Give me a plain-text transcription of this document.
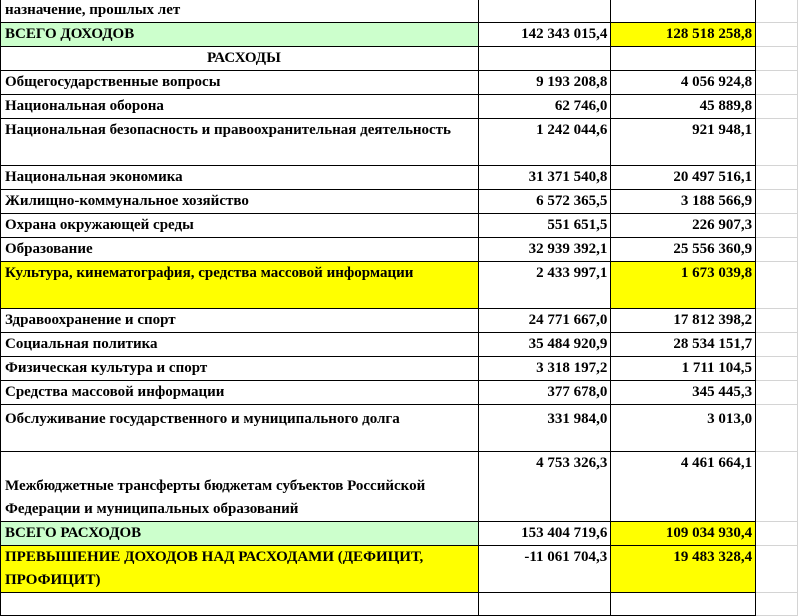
назначение, прошлых лет			
ВСЕГО ДОХОДОВ	142 343 015,4	128 518 258,8	
РАСХОДЫ			
Общегосударственные вопросы	9 193 208,8	4 056 924,8	
Национальная оборона	62 746,0	45 889,8	
Национальная безопасность и правоохранительная деятельность	1 242 044,6	921 948,1	
Национальная экономика	31 371 540,8	20 497 516,1	
Жилищно-коммунальное хозяйство	6 572 365,5	3 188 566,9	
Охрана окружающей среды	551 651,5	226 907,3	
Образование	32 939 392,1	25 556 360,9	
Культура, кинематография, средства массовой информации	2 433 997,1	1 673 039,8	
Здравоохранение и спорт	24 771 667,0	17 812 398,2	
Социальная политика	35 484 920,9	28 534 151,7	
Физическая культура и спорт	3 318 197,2	1 711 104,5	
Средства массовой информации	377 678,0	345 445,3	
Обслуживание государственного и муниципального долга	331 984,0	3 013,0	
Межбюджетные трансферты бюджетам субъектов Российской Федерации и муниципальных образований	4 753 326,3	4 461 664,1	
ВСЕГО РАСХОДОВ	153 404 719,6	109 034 930,4	
ПРЕВЫШЕНИЕ ДОХОДОВ НАД РАСХОДАМИ (ДЕФИЦИТ, ПРОФИЦИТ)	-11 061 704,3	19 483 328,4	
